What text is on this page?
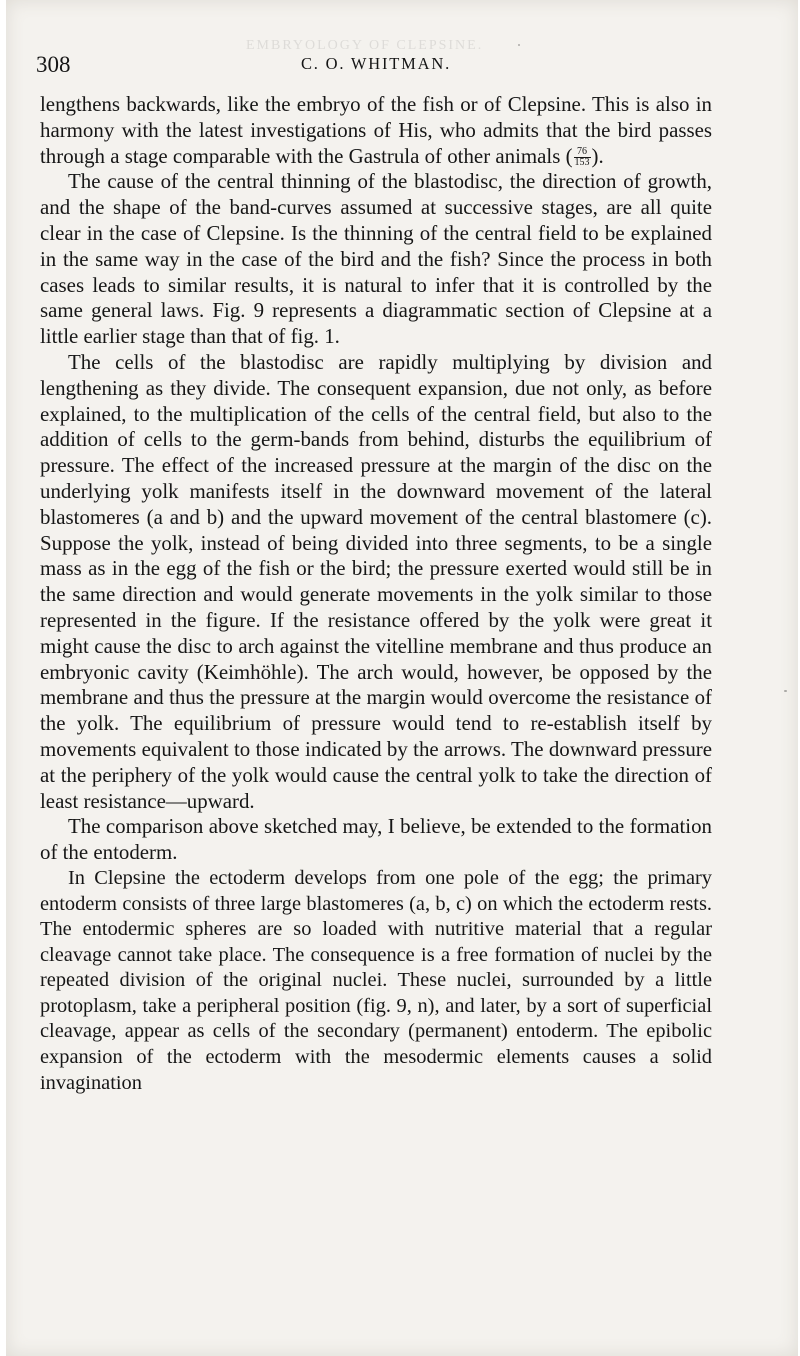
EMBRYOLOGY OF CLEPSINE.
308	C. O. WHITMAN.

lengthens backwards, like the embryo of the fish or of Clepsine. This is also in harmony with the latest investigations of His, who admits that the bird passes through a stage comparable with the Gastrula of other animals ( $\frac{76}{153}$ ).

The cause of the central thinning of the blastodisc, the direction of growth, and the shape of the band-curves assumed at successive stages, are all quite clear in the case of Clepsine. Is the thinning of the central field to be explained in the same way in the case of the bird and the fish? Since the process in both cases leads to similar results, it is natural to infer that it is controlled by the same general laws. Fig. 9 represents a diagrammatic section of Clepsine at a little earlier stage than that of fig. 1.

The cells of the blastodisc are rapidly multiplying by division and lengthening as they divide. The consequent expansion, due not only, as before explained, to the multiplication of the cells of the central field, but also to the addition of cells to the germ-bands from behind, disturbs the equilibrium of pressure. The effect of the increased pressure at the margin of the disc on the underlying yolk manifests itself in the downward movement of the lateral blastomeres (a and b) and the upward movement of the central blastomere (c). Suppose the yolk, instead of being divided into three segments, to be a single mass as in the egg of the fish or the bird; the pressure exerted would still be in the same direction and would generate movements in the yolk similar to those represented in the figure. If the resistance offered by the yolk were great it might cause the disc to arch against the vitelline membrane and thus produce an embryonic cavity (Keimhöhle). The arch would, however, be opposed by the membrane and thus the pressure at the margin would overcome the resistance of the yolk. The equilibrium of pressure would tend to re-establish itself by movements equivalent to those indicated by the arrows. The downward pressure at the periphery of the yolk would cause the central yolk to take the direction of least resistance—upward.

The comparison above sketched may, I believe, be extended to the formation of the entoderm.

In Clepsine the ectoderm develops from one pole of the egg; the primary entoderm consists of three large blastomeres (a, b, c) on which the ectoderm rests. The entodermic spheres are so loaded with nutritive material that a regular cleavage cannot take place. The consequence is a free formation of nuclei by the repeated division of the original nuclei. These nuclei, surrounded by a little protoplasm, take a peripheral position (fig. 9, n), and later, by a sort of superficial cleavage, appear as cells of the secondary (permanent) entoderm. The epibolic expansion of the ectoderm with the mesodermic elements causes a solid invagination
